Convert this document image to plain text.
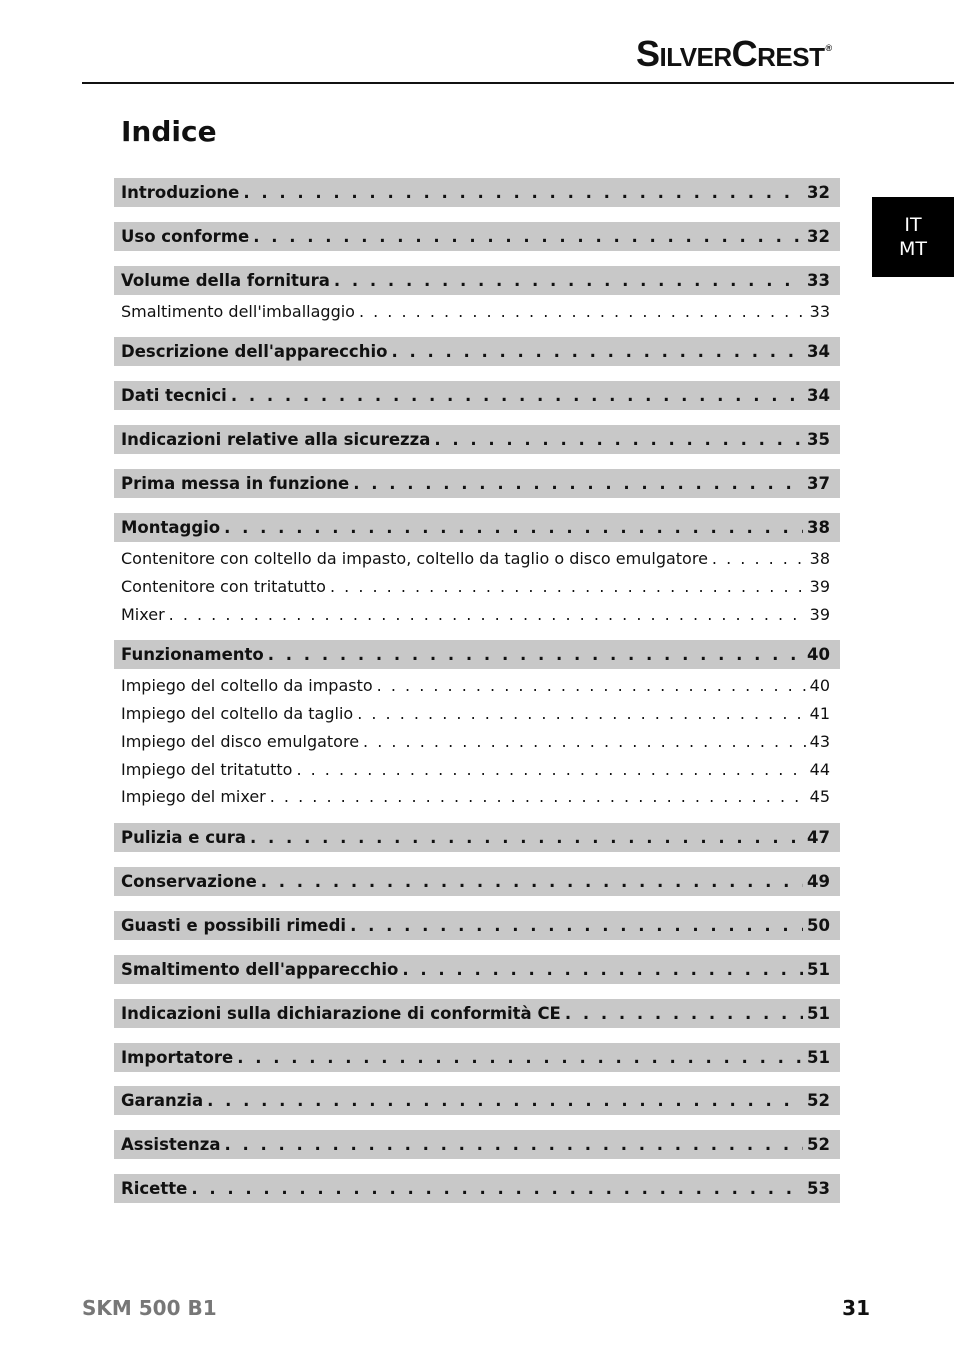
SILVERCREST®
Indice
IT
MT
Introduzione . . .	32
Uso conforme . . .	32
Volume della fornitura . . .	33
Smaltimento dell'imballaggio . . .	33
Descrizione dell'apparecchio . . .	34
Dati tecnici . . .	34
Indicazioni relative alla sicurezza . . .	35
Prima messa in funzione . . .	37
Montaggio . . .	38
Contenitore con coltello da impasto, coltello da taglio o disco emulgatore . . .	38
Contenitore con tritatutto . . .	39
Mixer . . .	39
Funzionamento . . .	40
Impiego del coltello da impasto . . .	40
Impiego del coltello da taglio . . .	41
Impiego del disco emulgatore . . .	43
Impiego del tritatutto . . .	44
Impiego del mixer . . .	45
Pulizia e cura . . .	47
Conservazione . . .	49
Guasti e possibili rimedi . . .	50
Smaltimento dell'apparecchio . . .	51
Indicazioni sulla dichiarazione di conformità CE . . .	51
Importatore . . .	51
Garanzia . . .	52
Assistenza . . .	52
Ricette . . .	53
SKM 500 B1	31
